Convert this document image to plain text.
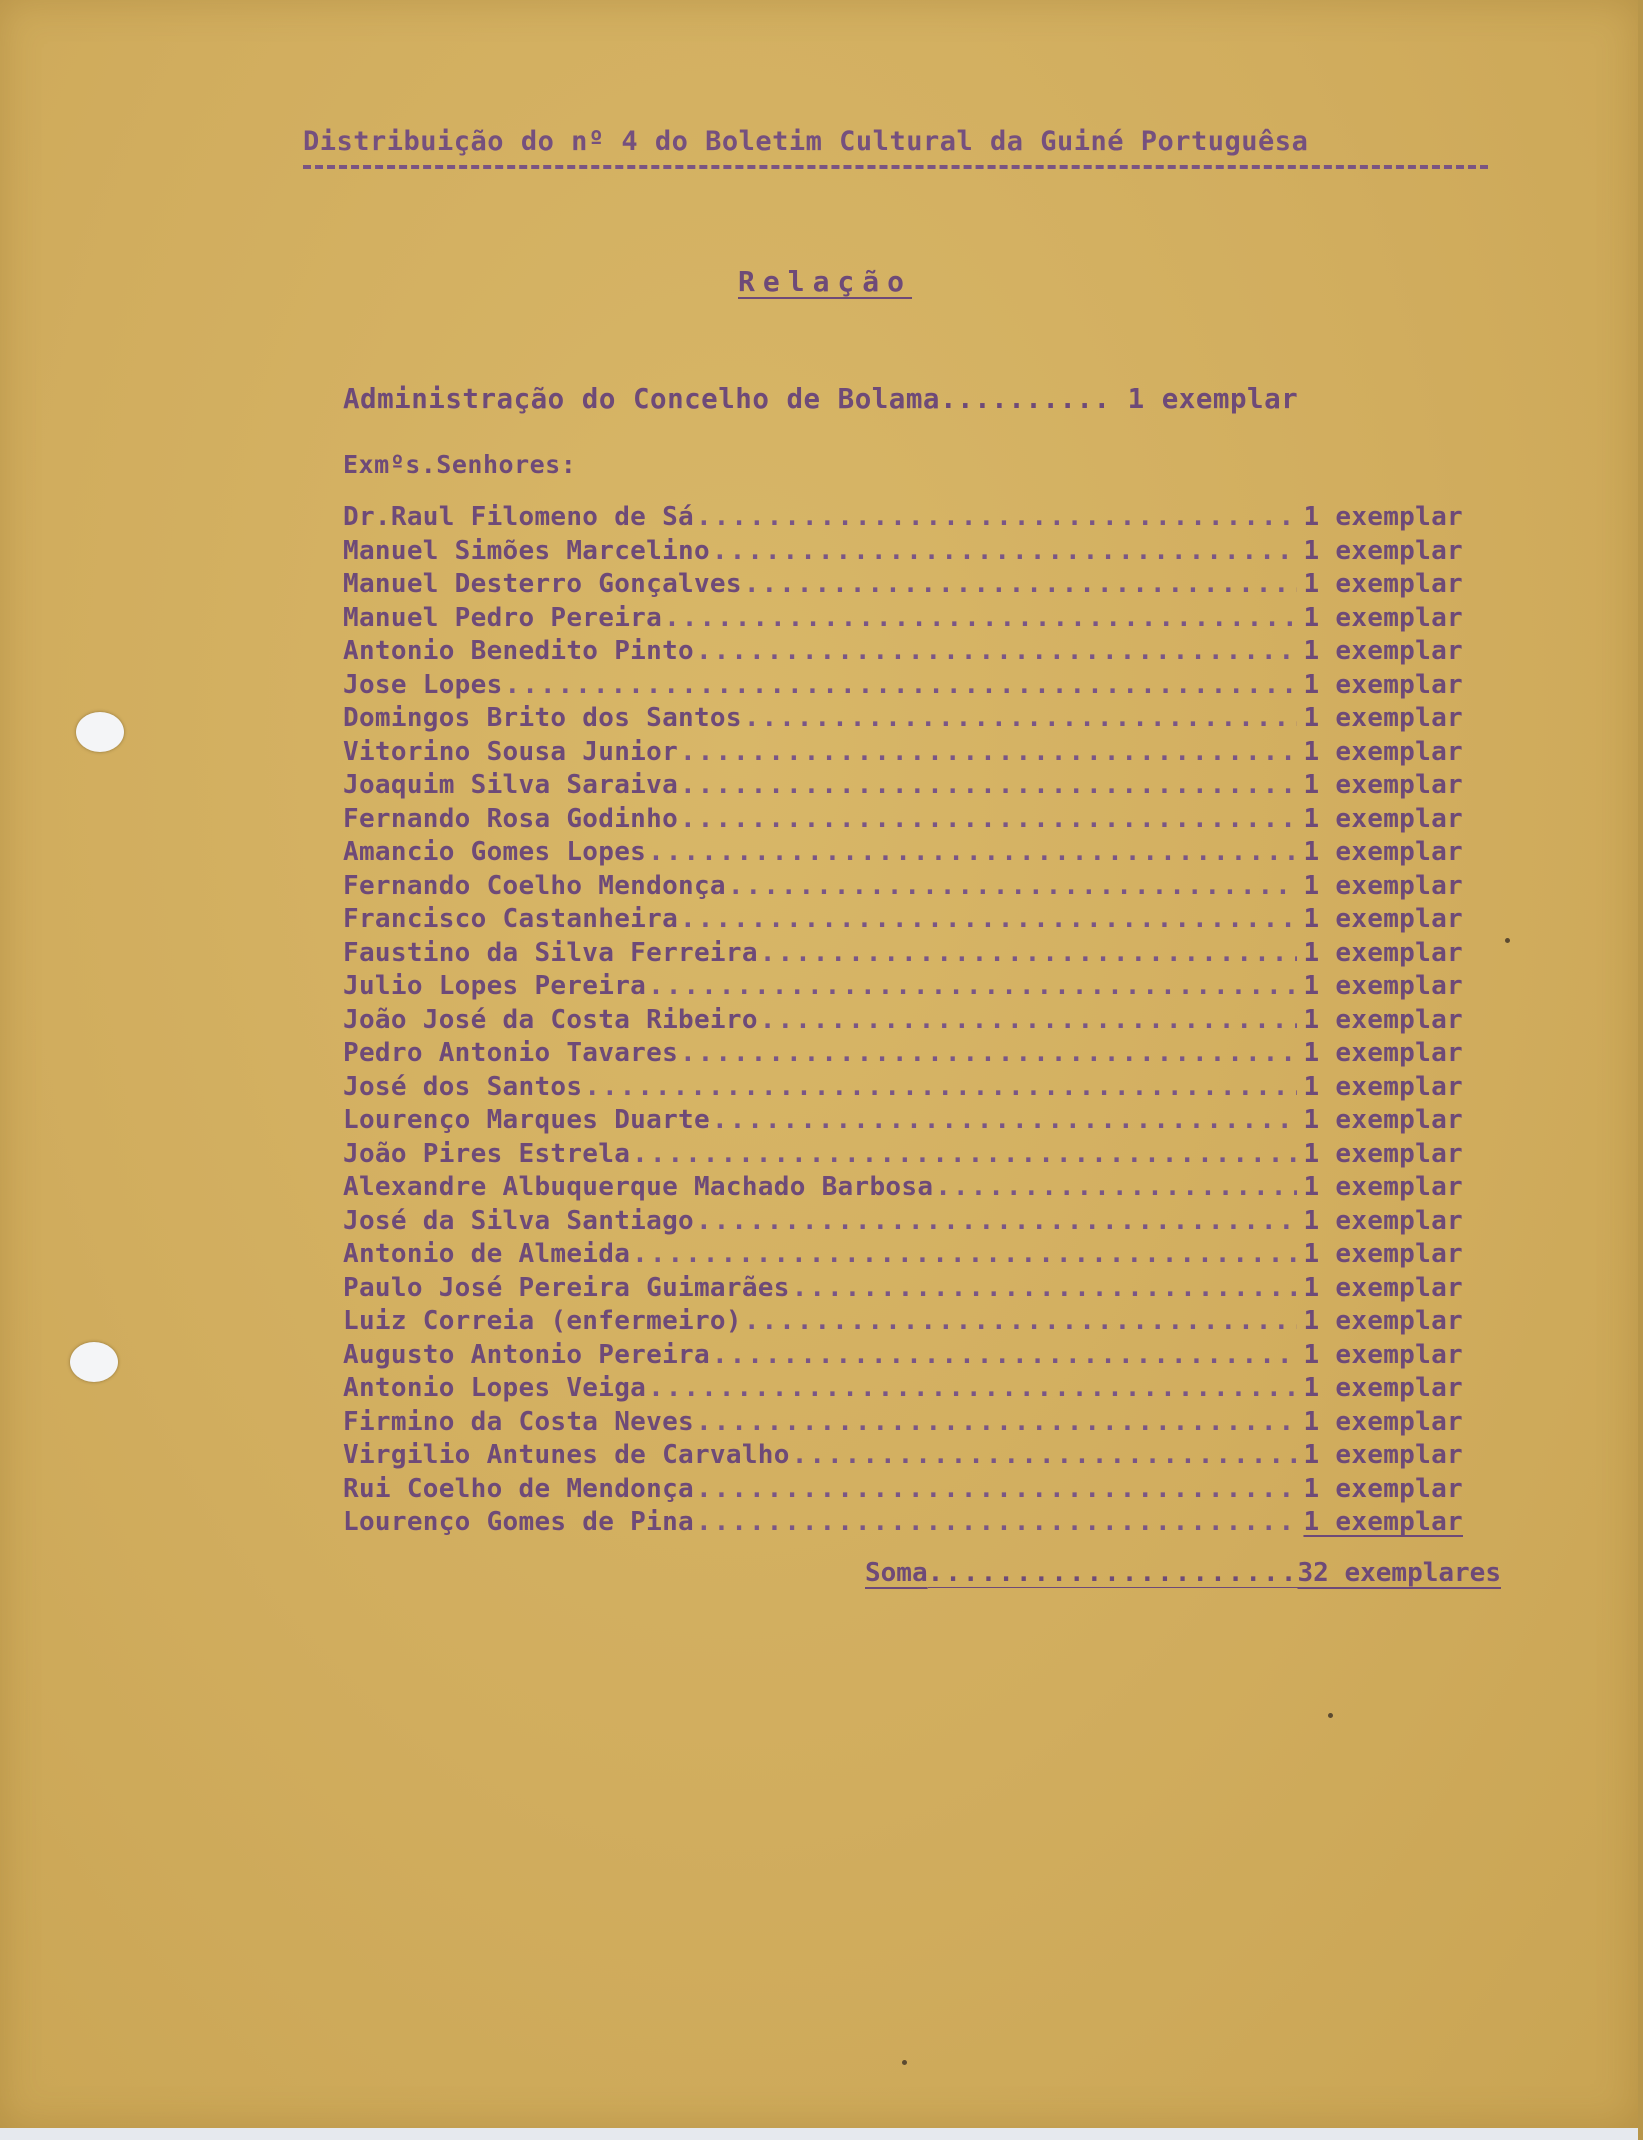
Distribuição do nº 4 do Boletim Cultural da Guiné Portuguêsa
Relação
Administração do Concelho de Bolama.......... 1 exemplar
Exmºs.Senhores:
Dr.Raul Filomeno de Sá .....	1 exemplar
Manuel Simões Marcelino .....	1 exemplar
Manuel Desterro Gonçalves .....	1 exemplar
Manuel Pedro Pereira .....	1 exemplar
Antonio Benedito Pinto .....	1 exemplar
Jose Lopes .....	1 exemplar
Domingos Brito dos Santos .....	1 exemplar
Vitorino Sousa Junior .....	1 exemplar
Joaquim Silva Saraiva .....	1 exemplar
Fernando Rosa Godinho .....	1 exemplar
Amancio Gomes Lopes .....	1 exemplar
Fernando Coelho Mendonça .....	1 exemplar
Francisco Castanheira .....	1 exemplar
Faustino da Silva Ferreira .....	1 exemplar
Julio Lopes Pereira .....	1 exemplar
João José da Costa Ribeiro .....	1 exemplar
Pedro Antonio Tavares .....	1 exemplar
José dos Santos .....	1 exemplar
Lourenço Marques Duarte .....	1 exemplar
João Pires Estrela .....	1 exemplar
Alexandre Albuquerque Machado Barbosa .....	1 exemplar
José da Silva Santiago .....	1 exemplar
Antonio de Almeida .....	1 exemplar
Paulo José Pereira Guimarães .....	1 exemplar
Luiz Correia (enfermeiro) .....	1 exemplar
Augusto Antonio Pereira .....	1 exemplar
Antonio Lopes Veiga .....	1 exemplar
Firmino da Costa Neves .....	1 exemplar
Virgilio Antunes de Carvalho .....	1 exemplar
Rui Coelho de Mendonça .....	1 exemplar
Lourenço Gomes de Pina .....	1 exemplar
Soma .....	32 exemplares
